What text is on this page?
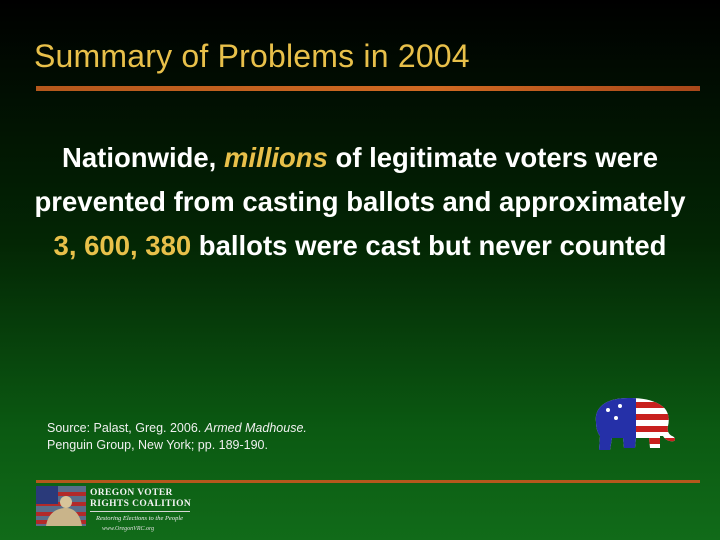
Summary of Problems in 2004
Nationwide, millions of legitimate voters were prevented from casting ballots and approximately 3, 600, 380 ballots were cast but never counted
Source: Palast, Greg. 2006. Armed Madhouse.
Penguin Group, New York; pp. 189-190.
OREGON VOTER
RIGHTS COALITION
Restoring Elections to the People
www.OregonVRC.org
